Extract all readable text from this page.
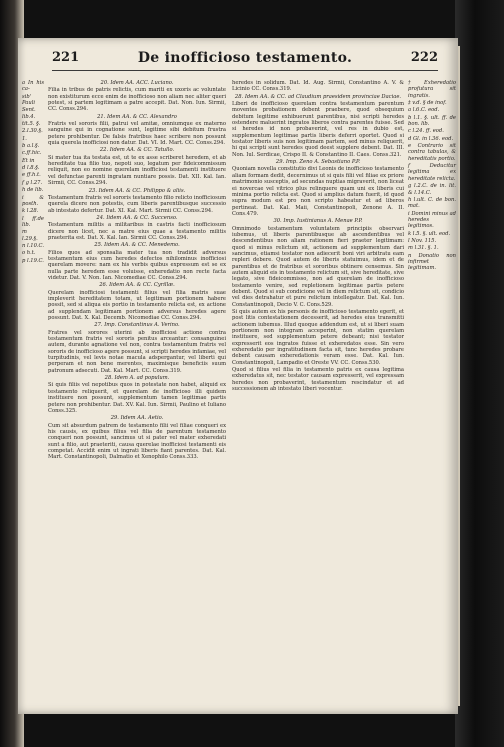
221	De inofficioso testamento.	222

a In his ca-

sib' Pauli

Sent. lib.4.

tit.5. §.

2.l.30.§.

1.

b a.l.§.

c.ff.hic.

Et in

d l.8.§.

e ff.h.t.

f g l.27.

h de lib.

i & posth.

k l.28.

l ff.de lib.

m l.29.§.

n l.10.C.

o h.t.

p l.19.C.

20. Idem AA. ACC. Luciano.

Filia in tribus de patris relictis, cum mariti ex uxoris ac voluntate non existiturum ecce enim de inofficioso non aliam nec aliter queri potest, si partem legitimam a patre accepit. Dat. Non. Iun. Sirmii, CC. Conss.294.

21. Idem AA. & CC. Alexandro

Fratris vel sororis filii, patrui vel amitæ, omniumque ex materno sanguine qui in cognatione sunt, legitime sibi debitum frustra petere prohibentur. De falsis fratribus haec scribere non possunt quia querela inofficiosi non datur. Dat. VI. Id. Mart. CC. Conss.294.

22. Iidem AA. & CC. Tatullo.

Si mater tua ita testata est, ut te ex asse scriberet heredem, et ab hereditate tua filio tuo, nepoti suo, legatum per fideicommissum reliquit, non eo nomine querelam inofficiosi testamenti instituere vel defunctae parenti ingratam nuntiare possis. Dat. XII. Kal. Ian. Sirmii, CC. Conss.294.

23. Iidem AA. & CC. Philippo & aliis.

Testamentum fratris vel sororis testamento filio relicto inofficiosum querela dicere non potestis, cum liberis parentibusque successio ab intestato defertur. Dat. XI. Kal. Mart. Sirmii CC. Conss.294.

24. Iidem AA. & CC. Succenso.

Testamentum militis a militaribus in castris facti inofficiosum dicere non licet, nec a matre eius quae a testamento militis praeterita est. Dat. X. Kal. Ian. Sirmii CC. Conss.294.

25. Iidem AA. & CC. Menedemo.

Filios quos ad sponsalia mater tua non tradidit adversus testamentum eius cum heredes defectos nihilominus inofficiosi querelam movere: nam ex his verbis quibus expressum est se ex nulla parte heredem esse voluisse, exheredatio non recte facta videtur. Dat. V. Non. Ian. Nicomediae CC. Conss.294.

26. Iidem AA. & CC. Cyrillæ.

Querelam inofficiosi testamenti filius vel filia matris suae impleverit hereditatem totam, ut legitimam portionem habere possit, sed si aliqua eis portio in testamento relicta est, ex actione ad supplendam legitimam portionem adversus heredes agere possunt. Dat. X. Kal. Decemb. Nicomediae CC. Conss.294.

27. Imp. Constantinus A. Verino.

Fratres vel sorores uterini ab inofficiosi actione contra testamentum fratris vel sororis penitus arceantur: consanguinei autem, durante agnatione vel non, contra testamentum fratris vel sororis de inofficioso agere possunt, si scripti heredes infamiae, vel turpitudinis, vel levis notae macula adspergantur, vel liberti qui perperam et non bene merentes, maximisque beneficiis suum patronum adsecuti. Dat. Kal. Mart. CC. Conss.319.

28. Idem A. ad populum.

Si quis filiis vel nepotibus quos in potestate non habet, aliquid ex testamento reliquerit, et querelam de inofficioso illi quidem instituere non possunt, supplementum tamen legitimae partis petere non prohibentur. Dat. XV. Kal. Iun. Sirmii, Paulino et Iuliano Conss.325.

29. Iidem AA. Aetio.

Cum sit absurdum patrem de testamento filii vel filiae conqueri ex his causis, ex quibus filius vel filia de parentum testamento conqueri non possunt, sancimus ut si pater vel mater exheredati sunt a filio, aut praeteriti, causa querelae inofficiosi testamenti eis competat. Accidit enim ut ingrati liberis fiant parentes. Dat. Kal. Mart. Constantinopoli, Dalmatio et Xenophilo Conss.333.

heredes in solidum. Dat. Id. Aug. Sirmii, Constantino A. V. & Licinio CC. Conss.319.

28. Idem AA. & CC. ad Claudium praesidem provinciae Daciae.

Liberi de inofficioso querelam contra testamentum parentum moventes probationem debent praebere, quod obsequium debitum legitime exhibuerunt parentibus, nisi scripti heredes ostendere maluerint ingratos liberos contra parentes fuisse. Sed si heredes id non probaverint, vel res in dubio est, supplementum legitimae partis liberis deferri oportet. Quod si testator liberis suis non legitimam partem, sed minus reliquerit, hi qui scripti sunt heredes quod deest supplere debent. Dat. III. Non. Iul. Serdicae, Crispo II. & Constantino II. Caes. Conss.321.

29. Imp. Zeno A. Sebastiano P.P.

Quoniam novella constitutio divi Leonis de inofficioso testamento aliam formam dedit, decernimus ut si quis filii vel filiae ex priore matrimonio susceptis, ad secundas nuptias migraverit, non liceat ei novercae vel vitrico plus relinquere quam uni ex liberis cui minima portio relicta est. Quod si amplius datum fuerit, id quod supra modum est pro non scripto habeatur et ad liberos pertineat. Dat. Kal. Maii, Constantinopoli, Zenone A. II. Cons.479.

30. Imp. Iustinianus A. Menae P.P.

Omnimodo testamentum voluntatem principiis observari iubemus, ut liberis parentibusque ab ascendentibus vel descendentibus non aliam rationem fieri praeter legitimam: quod si minus relictum sit, actionem ad supplementum dari sancimus, etiamsi testator non adiecerit boni viri arbitratu eam repleri debere. Quod autem de liberis statuimus, idem et de parentibus et de fratribus et sororibus obtinere censemus. Sin autem aliquid eis in testamento relictum sit, sive hereditate, sive legato, sive fideicommisso, non ad querelam de inofficioso testamento venire, sed repletionem legitimae partis petere debent. Quod si sub condicione vel in diem relictum sit, condicio vel dies detrahatur et pure relictum intellegatur. Dat. Kal. Iun. Constantinopoli, Decio V. C. Cons.529.

Si quis autem ex his personis de inofficioso testamento egerit, et post litis contestationem decesserit, ad heredes eius transmitti actionem iubemus. Illud quoque addendum est, ut si liberi suam portionem non integram acceperint, non statim querelam instituere, sed supplementum petere debeant; nisi testator expresserit eos ingratos fuisse et exheredatos esse. Sin vero exheredatio per ingratitudinem facta sit, tunc heredes probare debent causam exheredationis veram esse. Dat. Kal. Iun. Constantinopoli, Lampadio et Oreste VV. CC. Conss.530.

Quod si filius vel filia in testamento patris ex causa legitima exheredatus sit, nec testator causam expresserit, vel expressam heredes non probaverint, testamentum rescindatur et ad successionem ab intestato liberi vocentur.

† Exheredatio profutura sit ingratis.

‡ v.d. § de inof.

a l.6.C. eod.

b l.1. §. ult. ff. de bon. lib.

c l.24. ff. eod.

d Gl. in l.36. eod.

e Contrario sit contra tabulas, & hereditatis portio.

f Deducitur legitima ex hereditate relicta.

g l.2.C. de in. lit. & l.14.C.

h l.ult. C. de bon. mat.

i Domini minus ad heredes legitimos.

k l.5. §. ult. eod.

l Nov. 115.

m l.31. §. 1.

n Donatio non infirmet legitimam.
